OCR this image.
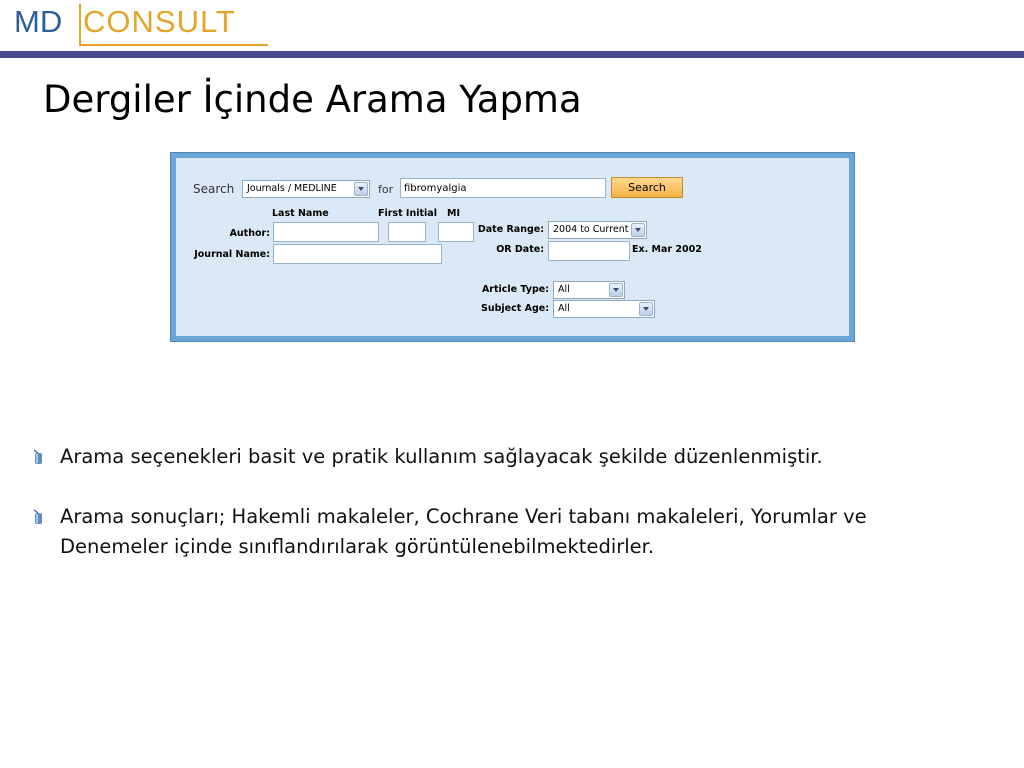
MD CONSULT
Dergiler İçinde Arama Yapma
Search Journals / MEDLINE	for
fibromyalgia	Search
Last Name	First Initial MI
Author:
Journal Name:
Date Range: 2004 to Current
OR Date:	Ex. Mar 2002
Article Type: All
Subject Age: All
Arama seçenekleri basit ve pratik kullanım sağlayacak şekilde düzenlenmiştir.
Arama sonuçları; Hakemli makaleler, Cochrane Veri tabanı makaleleri, Yorumlar ve Denemeler içinde sınıflandırılarak görüntülenebilmektedirler.
